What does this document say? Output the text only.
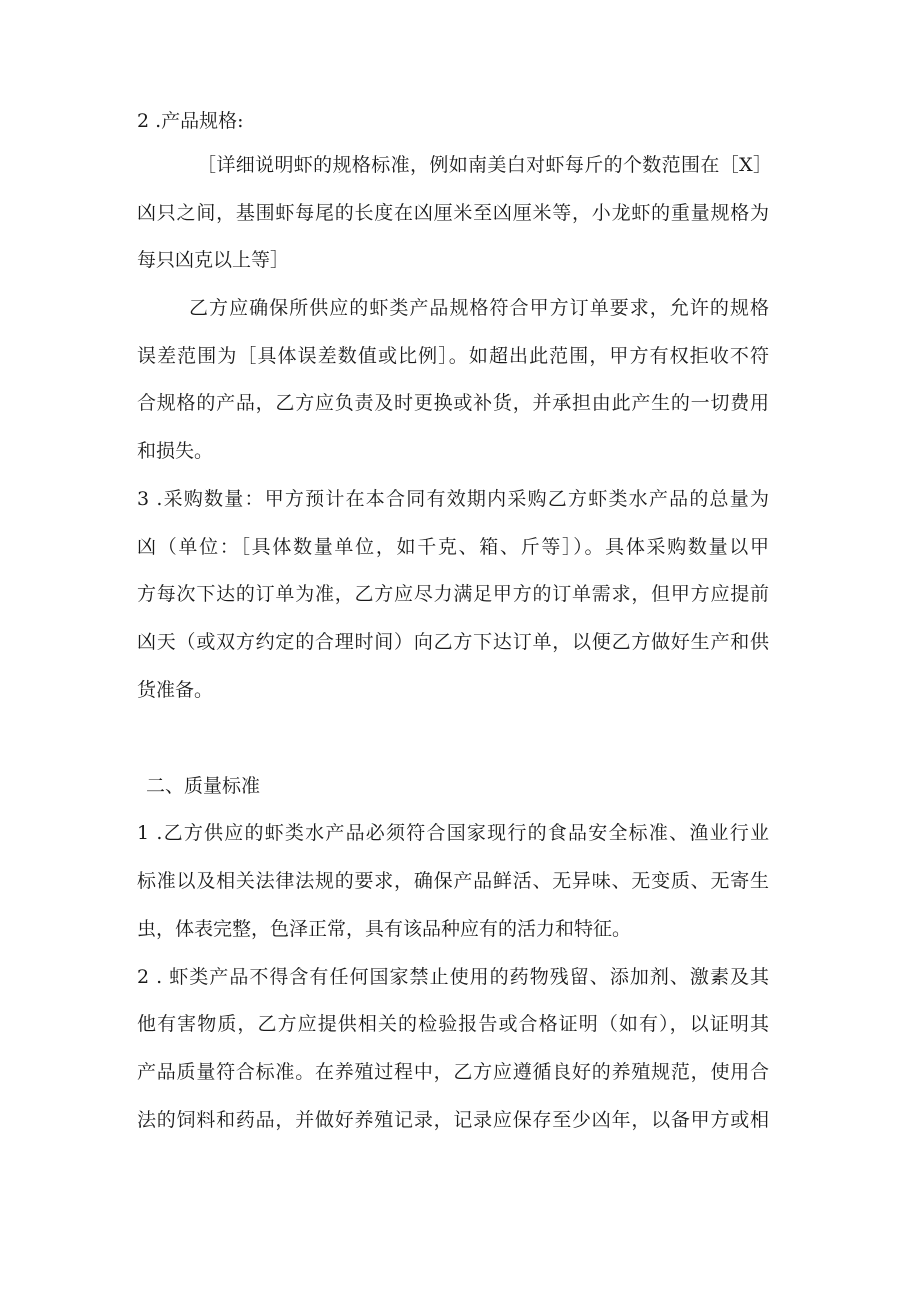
2 .产品规格:
［详细说明虾的规格标准，例如南美白对虾每斤的个数范围在［X］
凶只之间，基围虾每尾的长度在凶厘米至凶厘米等，小龙虾的重量规格为
每只凶克以上等］
乙方应确保所供应的虾类产品规格符合甲方订单要求，允许的规格
误差范围为［具体误差数值或比例］。如超出此范围，甲方有权拒收不符
合规格的产品，乙方应负责及时更换或补货，并承担由此产生的一切费用
和损失。
3 .采购数量：甲方预计在本合同有效期内采购乙方虾类水产品的总量为
凶（单位：［具体数量单位，如千克、箱、斤等］）。具体采购数量以甲
方每次下达的订单为准，乙方应尽力满足甲方的订单需求，但甲方应提前
凶天（或双方约定的合理时间）向乙方下达订单，以便乙方做好生产和供
货准备。
二、质量标准
1 .乙方供应的虾类水产品必须符合国家现行的食品安全标准、渔业行业
标准以及相关法律法规的要求，确保产品鲜活、无异味、无变质、无寄生
虫，体表完整，色泽正常，具有该品种应有的活力和特征。
2 . 虾类产品不得含有任何国家禁止使用的药物残留、添加剂、激素及其
他有害物质，乙方应提供相关的检验报告或合格证明（如有），以证明其
产品质量符合标准。在养殖过程中，乙方应遵循良好的养殖规范，使用合
法的饲料和药品，并做好养殖记录，记录应保存至少凶年，以备甲方或相
